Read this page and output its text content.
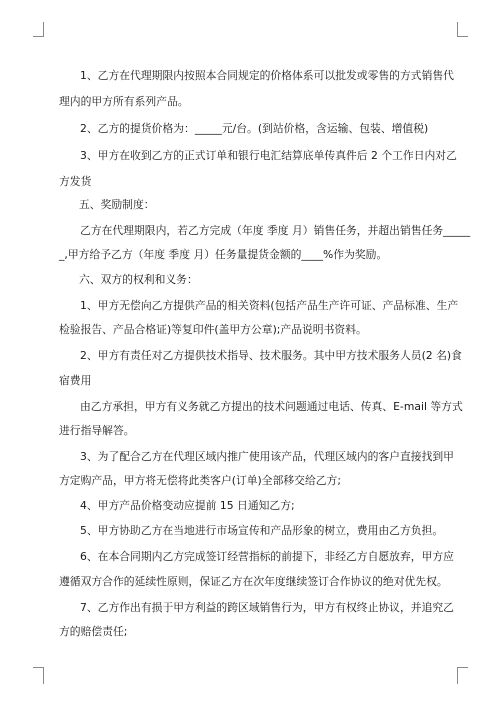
1、乙方在代理期限内按照本合同规定的价格体系可以批发或零售的方式销售代
理内的甲方所有系列产品。
2、乙方的提货价格为：_____元/台。(到站价格，含运输、包装、增值税)
3、甲方在收到乙方的正式订单和银行电汇结算底单传真件后 2 个工作日内对乙
方发货
五、奖励制度：
乙方在代理期限内，若乙方完成（年度 季度 月）销售任务，并超出销售任务_____
_,甲方给予乙方（年度 季度 月）任务量提货金额的____%作为奖励。
六、双方的权利和义务：
1、甲方无偿向乙方提供产品的相关资料(包括产品生产许可证、产品标准、生产
检验报告、产品合格证)等复印件(盖甲方公章);产品说明书资料。
2、甲方有责任对乙方提供技术指导、技术服务。其中甲方技术服务人员(2 名)食
宿费用
由乙方承担，甲方有义务就乙方提出的技术问题通过电话、传真、E-mail 等方式
进行指导解答。
3、为了配合乙方在代理区域内推广使用该产品，代理区域内的客户直接找到甲
方定购产品，甲方将无偿将此类客户(订单)全部移交给乙方;
4、甲方产品价格变动应提前 15 日通知乙方;
5、甲方协助乙方在当地进行市场宣传和产品形象的树立，费用由乙方负担。
6、在本合同期内乙方完成签订经营指标的前提下，非经乙方自愿放弃，甲方应
遵循双方合作的延续性原则，保证乙方在次年度继续签订合作协议的绝对优先权。
7、乙方作出有损于甲方利益的跨区域销售行为，甲方有权终止协议，并追究乙
方的赔偿责任;
